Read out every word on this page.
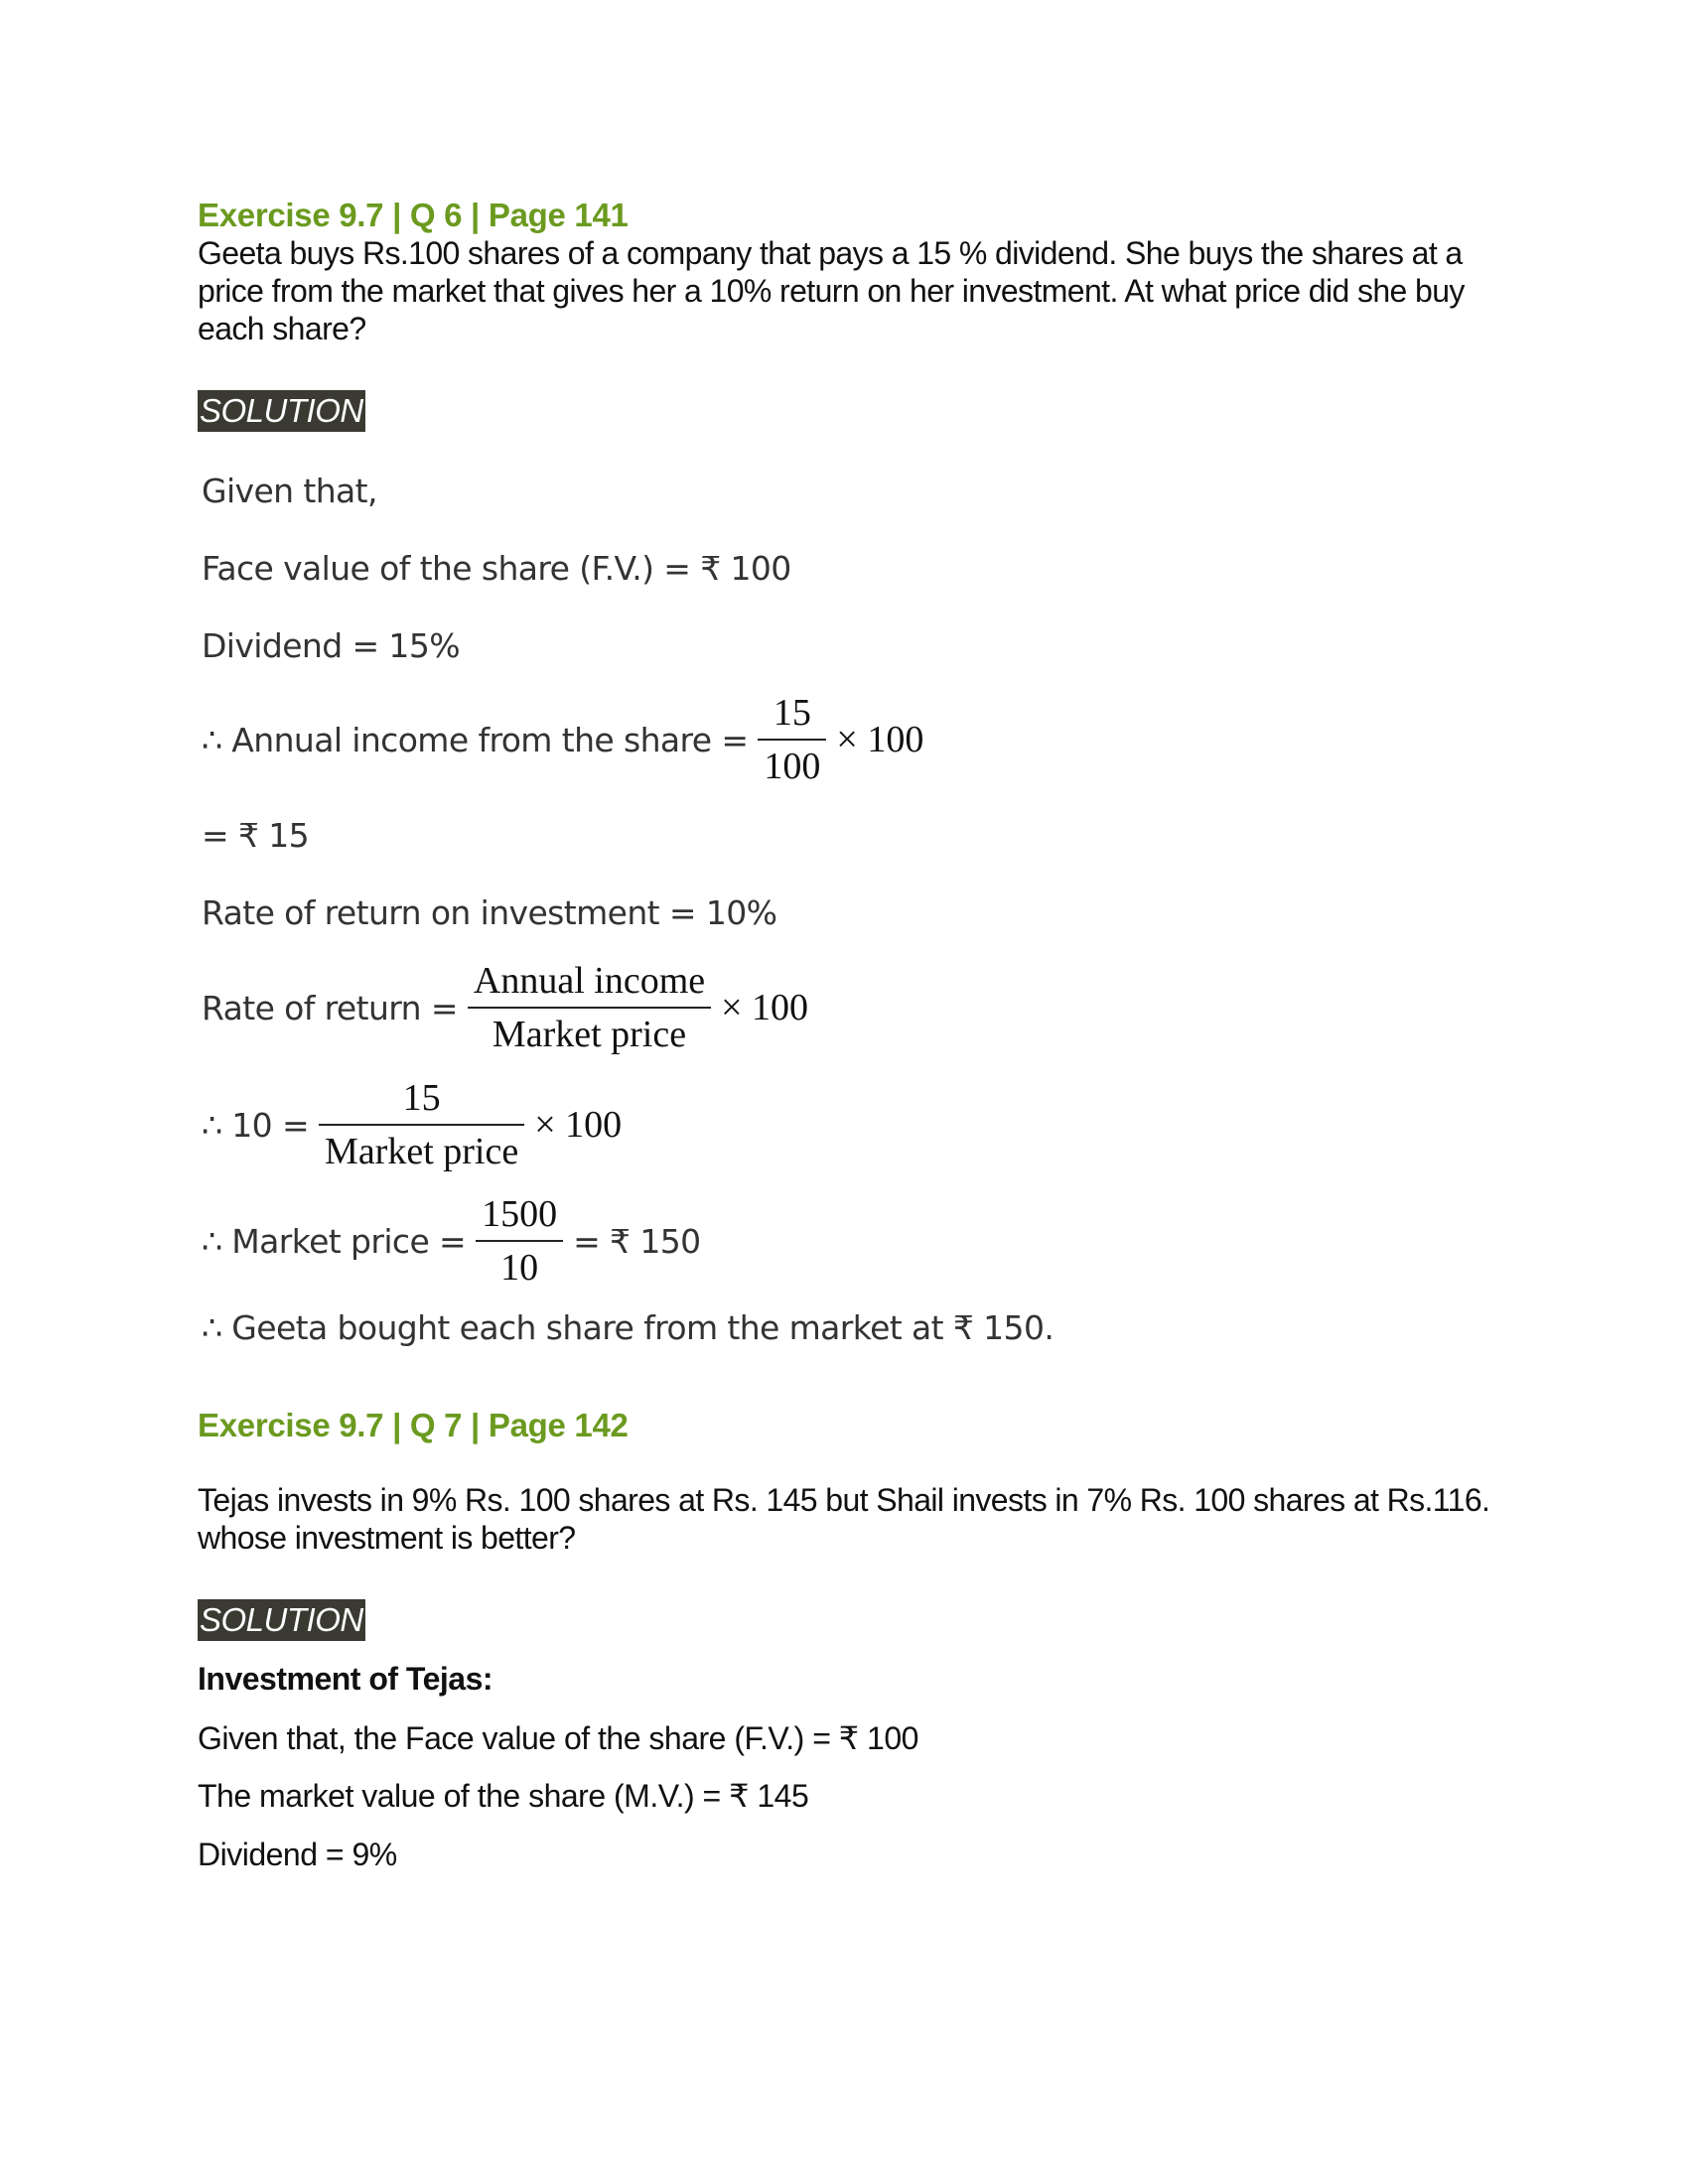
Exercise 9.7 | Q 6 | Page 141
Geeta buys Rs.100 shares of a company that pays a 15 % dividend. She buys the shares at a price from the market that gives her a 10% return on her investment. At what price did she buy each share?
SOLUTION
Given that,
Face value of the share (F.V.) = ₹ 100
Dividend = 15%
∴ Annual income from the share = $\frac{15}{100} \times 100$
= ₹ 15
Rate of return on investment = 10%
Rate of return = $\frac{\text{Annual income}}{\text{Market price}} \times 100$
∴ $10 = \frac{15}{\text{Market price}} \times 100$
∴ Market price = $\frac{1500}{10}$ = ₹ 150
∴ Geeta bought each share from the market at ₹ 150.
Exercise 9.7 | Q 7 | Page 142
Tejas invests in 9% Rs. 100 shares at Rs. 145 but Shail invests in 7% Rs. 100 shares at Rs.116. whose investment is better?
SOLUTION
Investment of Tejas:
Given that, the Face value of the share (F.V.) = ₹ 100
The market value of the share (M.V.) = ₹ 145
Dividend = 9%
